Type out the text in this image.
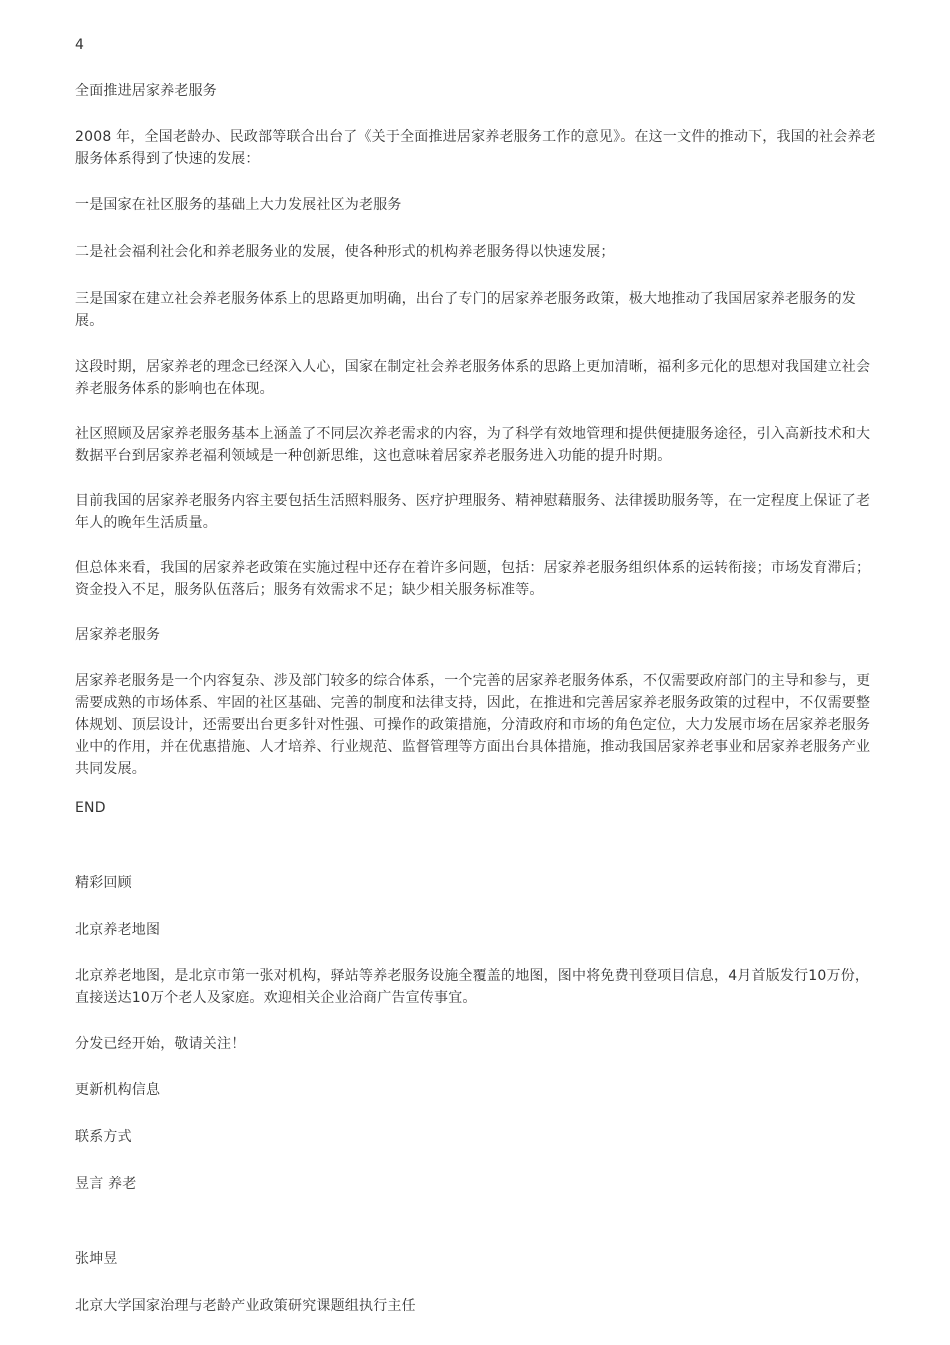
4
全面推进居家养老服务
2008 年，全国老龄办、民政部等联合出台了《关于全面推进居家养老服务工作的意见》。在这一文件的推动下，我国的社会养老服务体系得到了快速的发展：
一是国家在社区服务的基础上大力发展社区为老服务
二是社会福利社会化和养老服务业的发展，使各种形式的机构养老服务得以快速发展；
三是国家在建立社会养老服务体系上的思路更加明确，出台了专门的居家养老服务政策，极大地推动了我国居家养老服务的发展。
这段时期，居家养老的理念已经深入人心，国家在制定社会养老服务体系的思路上更加清晰，福利多元化的思想对我国建立社会养老服务体系的影响也在体现。
社区照顾及居家养老服务基本上涵盖了不同层次养老需求的内容，为了科学有效地管理和提供便捷服务途径，引入高新技术和大数据平台到居家养老福利领域是一种创新思维，这也意味着居家养老服务进入功能的提升时期。
目前我国的居家养老服务内容主要包括生活照料服务、医疗护理服务、精神慰藉服务、法律援助服务等，在一定程度上保证了老年人的晚年生活质量。
但总体来看，我国的居家养老政策在实施过程中还存在着许多问题，包括：居家养老服务组织体系的运转衔接；市场发育滞后；资金投入不足，服务队伍落后；服务有效需求不足；缺少相关服务标准等。
居家养老服务
居家养老服务是一个内容复杂、涉及部门较多的综合体系，一个完善的居家养老服务体系，不仅需要政府部门的主导和参与，更需要成熟的市场体系、牢固的社区基础、完善的制度和法律支持，因此，在推进和完善居家养老服务政策的过程中，不仅需要整体规划、顶层设计，还需要出台更多针对性强、可操作的政策措施，分清政府和市场的角色定位，大力发展市场在居家养老服务业中的作用，并在优惠措施、人才培养、行业规范、监督管理等方面出台具体措施，推动我国居家养老事业和居家养老服务产业共同发展。
END
精彩回顾
北京养老地图
北京养老地图，是北京市第一张对机构，驿站等养老服务设施全覆盖的地图，图中将免费刊登项目信息，4月首版发行10万份，直接送达10万个老人及家庭。欢迎相关企业洽商广告宣传事宜。
分发已经开始，敬请关注！
更新机构信息
联系方式
昱言 养老
张坤昱
北京大学国家治理与老龄产业政策研究课题组执行主任
